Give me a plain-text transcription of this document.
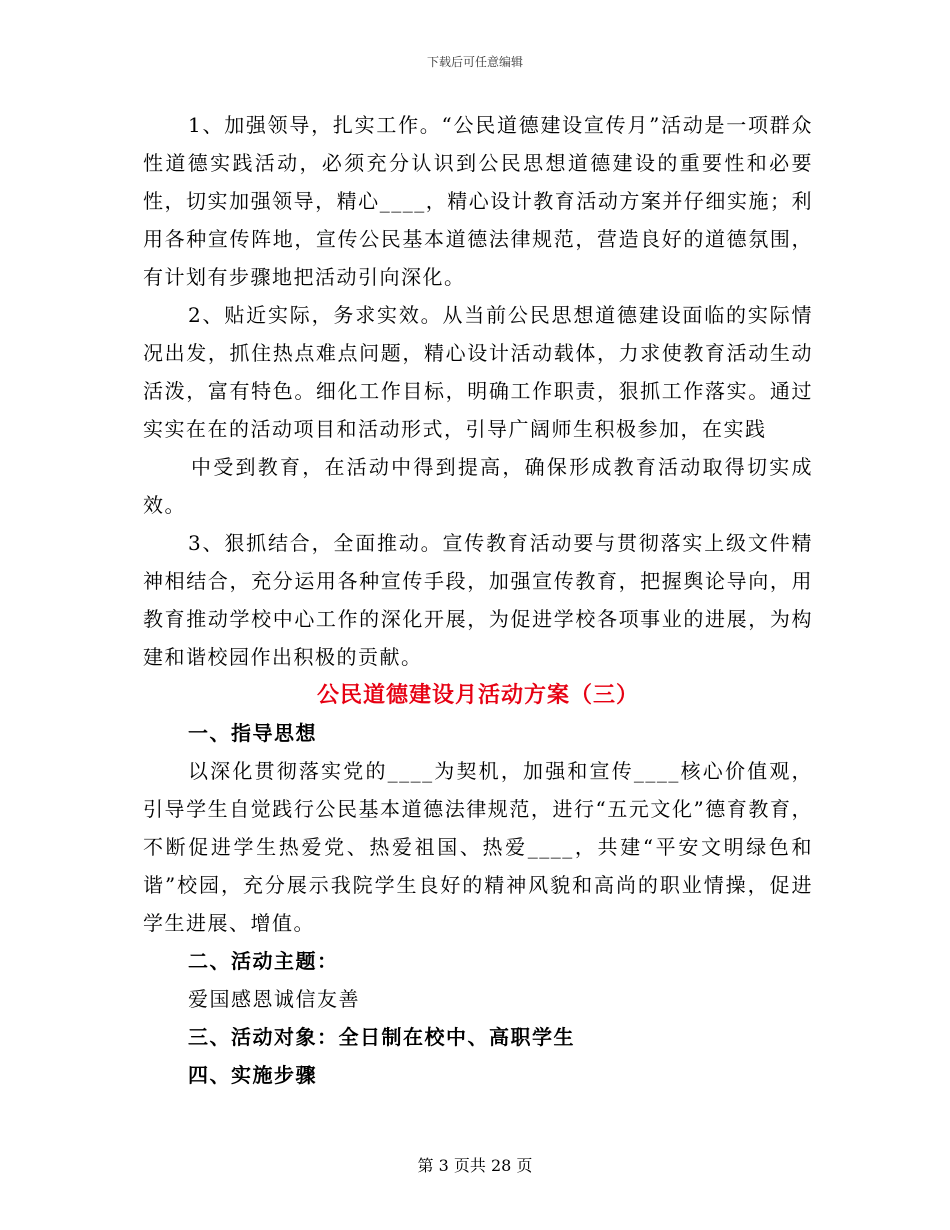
下载后可任意编辑

1、加强领导，扎实工作。“公民道德建设宣传月”活动是一项群众性道德实践活动，必须充分认识到公民思想道德建设的重要性和必要性，切实加强领导，精心____，精心设计教育活动方案并仔细实施；利用各种宣传阵地，宣传公民基本道德法律规范，营造良好的道德氛围，有计划有步骤地把活动引向深化。

2、贴近实际，务求实效。从当前公民思想道德建设面临的实际情况出发，抓住热点难点问题，精心设计活动载体，力求使教育活动生动活泼，富有特色。细化工作目标，明确工作职责，狠抓工作落实。通过实实在在的活动项目和活动形式，引导广阔师生积极参加，在实践

中受到教育，在活动中得到提高，确保形成教育活动取得切实成效。

3、狠抓结合，全面推动。宣传教育活动要与贯彻落实上级文件精神相结合，充分运用各种宣传手段，加强宣传教育，把握舆论导向，用教育推动学校中心工作的深化开展，为促进学校各项事业的进展，为构建和谐校园作出积极的贡献。

公民道德建设月活动方案（三）

一、指导思想

以深化贯彻落实党的____为契机，加强和宣传____核心价值观，引导学生自觉践行公民基本道德法律规范，进行“五元文化”德育教育，不断促进学生热爱党、热爱祖国、热爱____，共建“平安文明绿色和谐”校园，充分展示我院学生良好的精神风貌和高尚的职业情操，促进学生进展、增值。

二、活动主题：

爱国感恩诚信友善

三、活动对象：全日制在校中、高职学生

四、实施步骤

第 3 页共 28 页
